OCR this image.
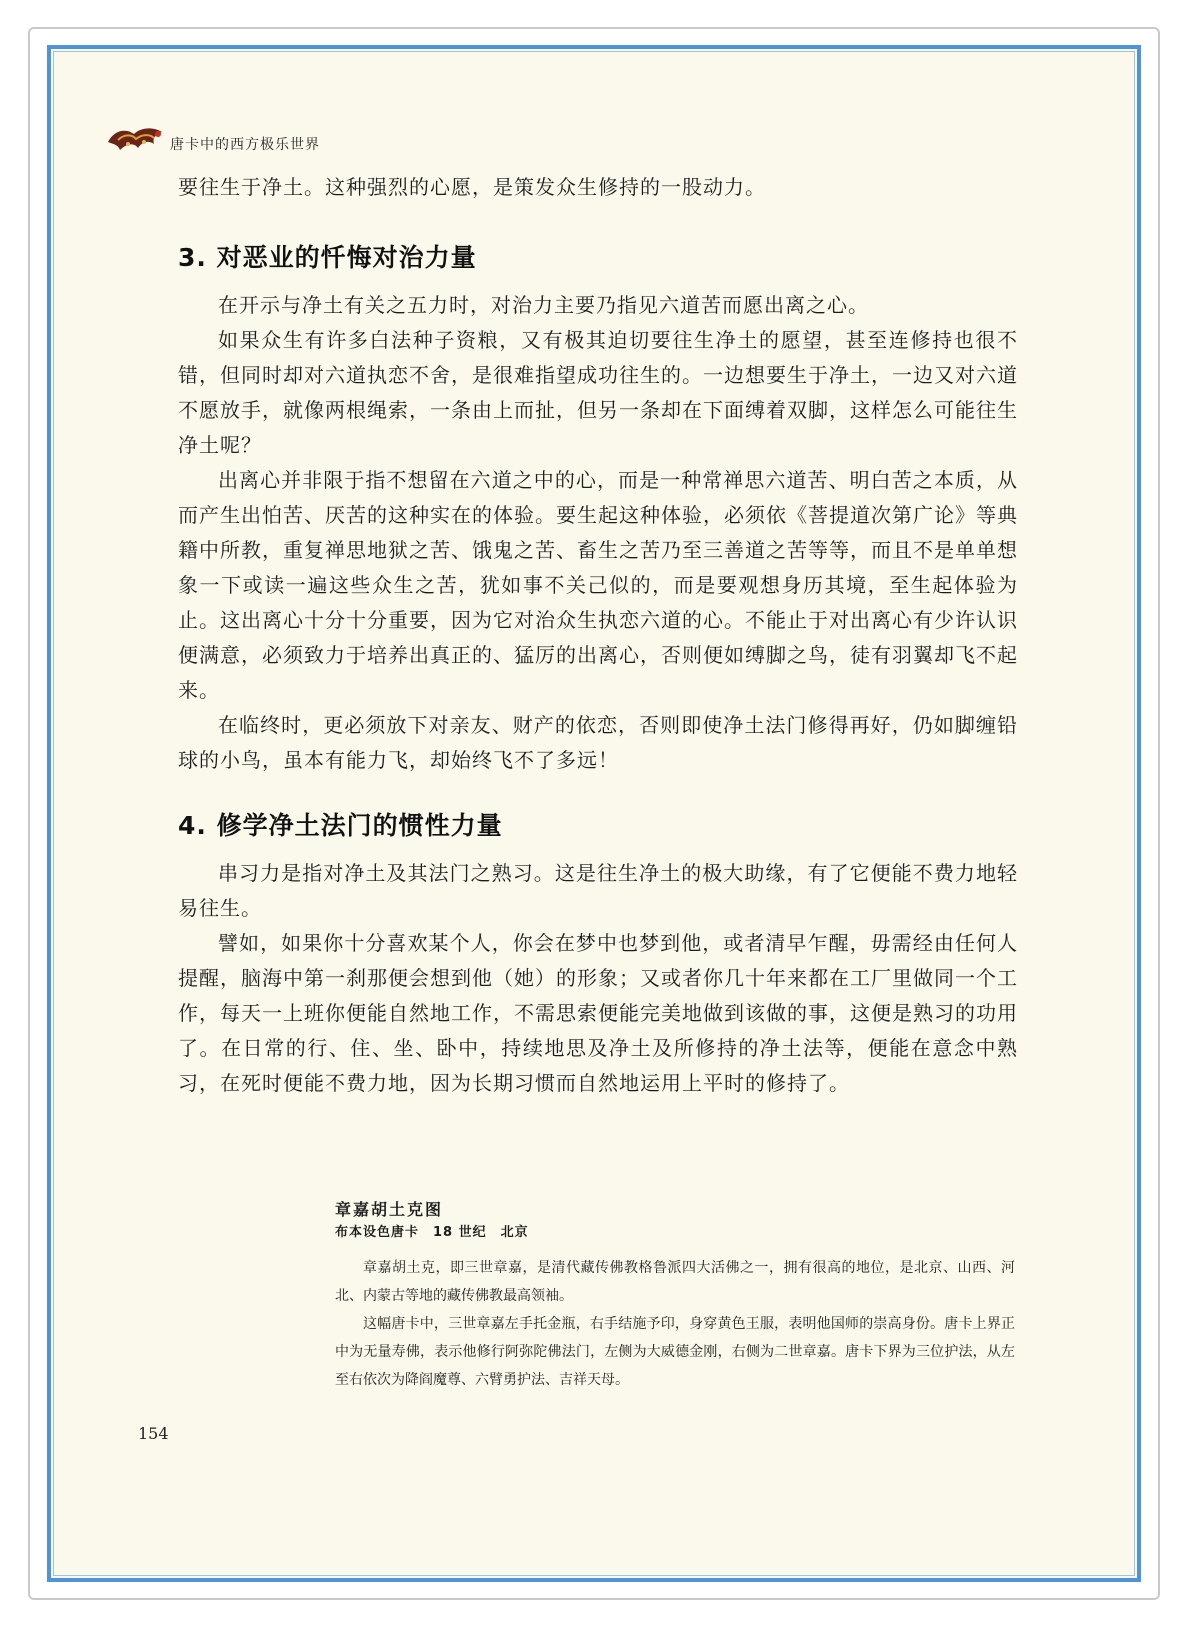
唐卡中的西方极乐世界

要往生于净土。这种强烈的心愿，是策发众生修持的一股动力。

3. 对恶业的忏悔对治力量

在开示与净土有关之五力时，对治力主要乃指见六道苦而愿出离之心。

如果众生有许多白法种子资粮，又有极其迫切要往生净土的愿望，甚至连修持也很不错，但同时却对六道执恋不舍，是很难指望成功往生的。一边想要生于净土，一边又对六道不愿放手，就像两根绳索，一条由上而扯，但另一条却在下面缚着双脚，这样怎么可能往生净土呢？

出离心并非限于指不想留在六道之中的心，而是一种常禅思六道苦、明白苦之本质，从而产生出怕苦、厌苦的这种实在的体验。要生起这种体验，必须依《菩提道次第广论》等典籍中所教，重复禅思地狱之苦、饿鬼之苦、畜生之苦乃至三善道之苦等等，而且不是单单想象一下或读一遍这些众生之苦，犹如事不关己似的，而是要观想身历其境，至生起体验为止。这出离心十分十分重要，因为它对治众生执恋六道的心。不能止于对出离心有少许认识便满意，必须致力于培养出真正的、猛厉的出离心，否则便如缚脚之鸟，徒有羽翼却飞不起来。

在临终时，更必须放下对亲友、财产的依恋，否则即使净土法门修得再好，仍如脚缠铅球的小鸟，虽本有能力飞，却始终飞不了多远！

4. 修学净土法门的惯性力量

串习力是指对净土及其法门之熟习。这是往生净土的极大助缘，有了它便能不费力地轻易往生。

譬如，如果你十分喜欢某个人，你会在梦中也梦到他，或者清早乍醒，毋需经由任何人提醒，脑海中第一刹那便会想到他（她）的形象；又或者你几十年来都在工厂里做同一个工作，每天一上班你便能自然地工作，不需思索便能完美地做到该做的事，这便是熟习的功用了。在日常的行、住、坐、卧中，持续地思及净土及所修持的净土法等，便能在意念中熟习，在死时便能不费力地，因为长期习惯而自然地运用上平时的修持了。

章嘉胡土克图
布本设色唐卡　18 世纪　北京

章嘉胡土克，即三世章嘉，是清代藏传佛教格鲁派四大活佛之一，拥有很高的地位，是北京、山西、河北、内蒙古等地的藏传佛教最高领袖。

这幅唐卡中，三世章嘉左手托金瓶，右手结施予印，身穿黄色王服，表明他国师的崇高身份。唐卡上界正中为无量寿佛，表示他修行阿弥陀佛法门，左侧为大威德金刚，右侧为二世章嘉。唐卡下界为三位护法，从左至右依次为降阎魔尊、六臂勇护法、吉祥天母。

154
